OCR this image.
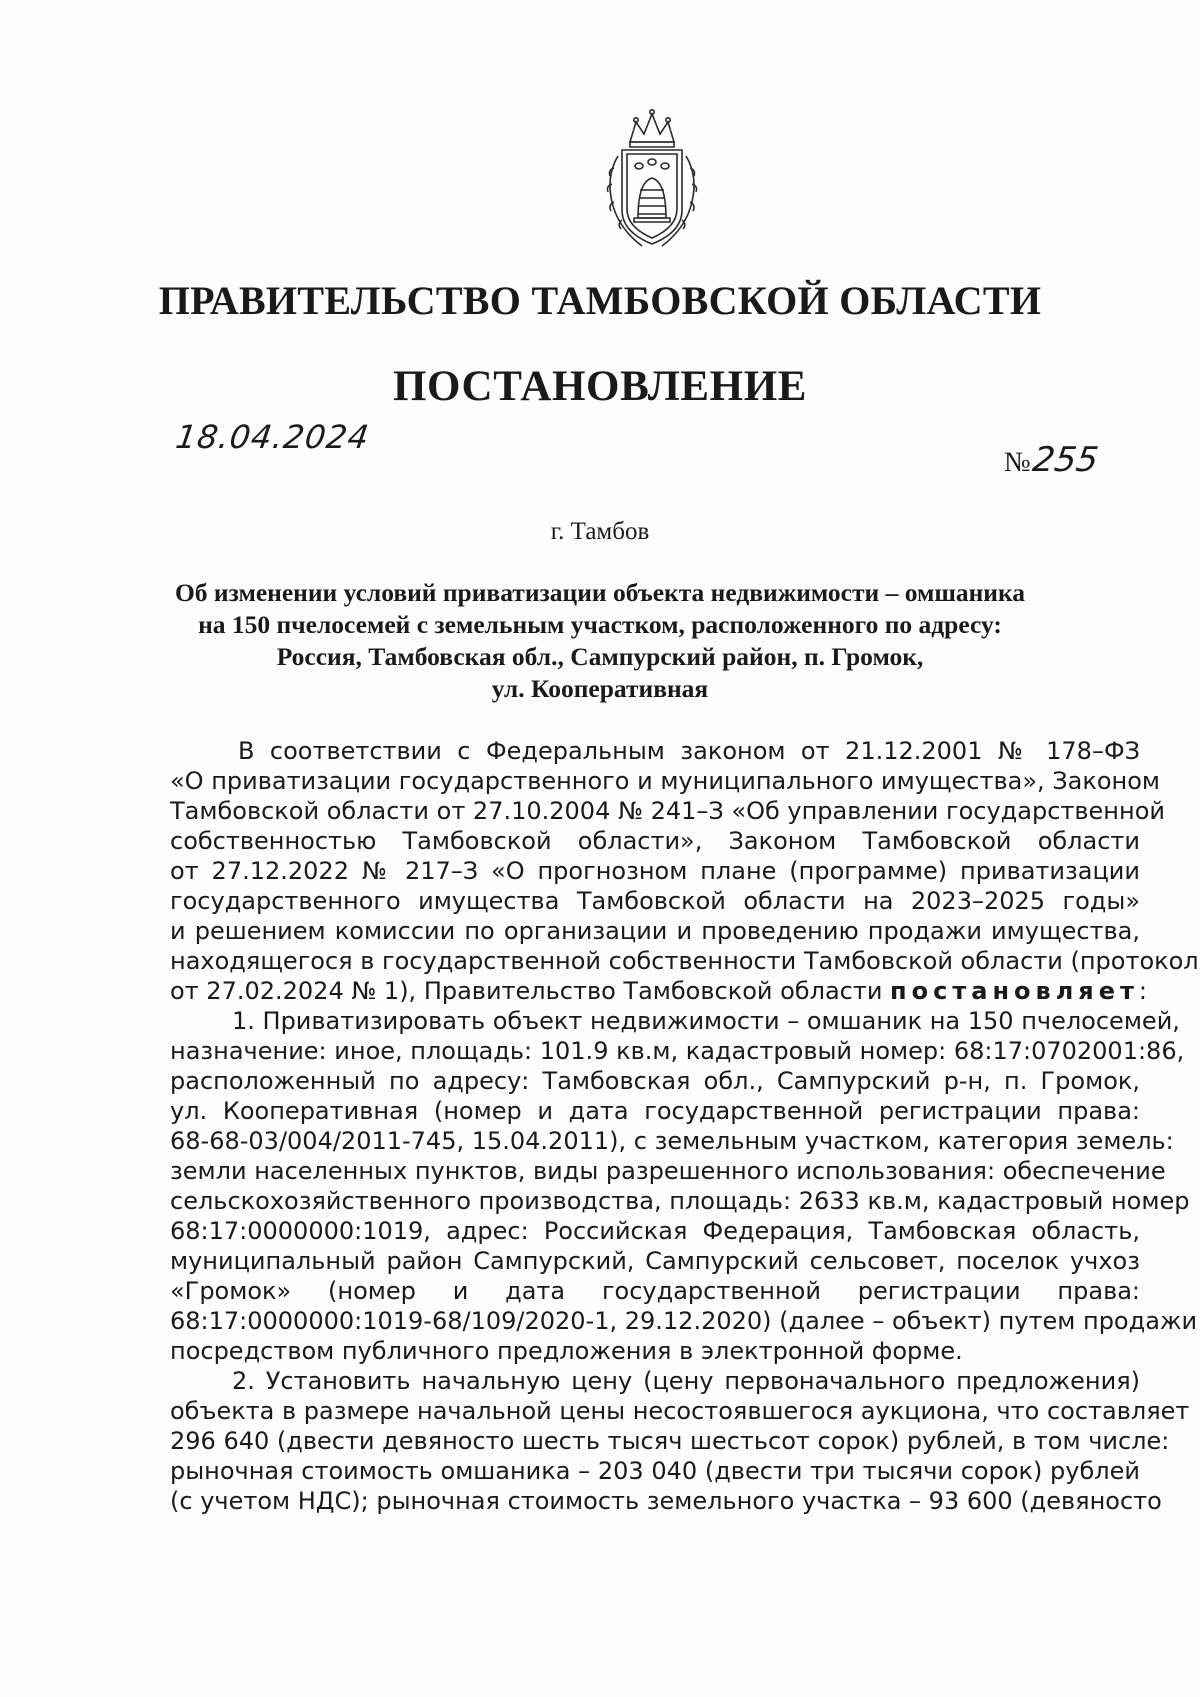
ПРАВИТЕЛЬСТВО ТАМБОВСКОЙ ОБЛАСТИ
ПОСТАНОВЛЕНИЕ
18.04.2024
№255
г. Тамбов
Об изменении условий приватизации объекта недвижимости – омшаника
на 150 пчелосемей с земельным участком, расположенного по адресу:
Россия, Тамбовская обл., Сампурский район, п. Громок,
ул. Кооперативная
В соответствии с Федеральным законом от 21.12.2001 № 178–ФЗ
«О приватизации государственного и муниципального имущества», Законом
Тамбовской области от 27.10.2004 № 241–З «Об управлении государственной
собственностью Тамбовской области», Законом Тамбовской области
от 27.12.2022 № 217–З «О прогнозном плане (программе) приватизации
государственного имущества Тамбовской области на 2023–2025 годы»
и решением комиссии по организации и проведению продажи имущества,
находящегося в государственной собственности Тамбовской области (протокол
от 27.02.2024 № 1), Правительство Тамбовской области постановляет:
1. Приватизировать объект недвижимости – омшаник на 150 пчелосемей,
назначение: иное, площадь: 101.9 кв.м, кадастровый номер: 68:17:0702001:86,
расположенный по адресу: Тамбовская обл., Сампурский р-н, п. Громок,
ул. Кооперативная (номер и дата государственной регистрации права:
68-68-03/004/2011-745, 15.04.2011), с земельным участком, категория земель:
земли населенных пунктов, виды разрешенного использования: обеспечение
сельскохозяйственного производства, площадь: 2633 кв.м, кадастровый номер
68:17:0000000:1019, адрес: Российская Федерация, Тамбовская область,
муниципальный район Сампурский, Сампурский сельсовет, поселок учхоз
«Громок» (номер и дата государственной регистрации права:
68:17:0000000:1019-68/109/2020-1, 29.12.2020) (далее – объект) путем продажи
посредством публичного предложения в электронной форме.
2. Установить начальную цену (цену первоначального предложения)
объекта в размере начальной цены несостоявшегося аукциона, что составляет
296 640 (двести девяносто шесть тысяч шестьсот сорок) рублей, в том числе:
рыночная стоимость омшаника – 203 040 (двести три тысячи сорок) рублей
(с учетом НДС); рыночная стоимость земельного участка – 93 600 (девяносто
